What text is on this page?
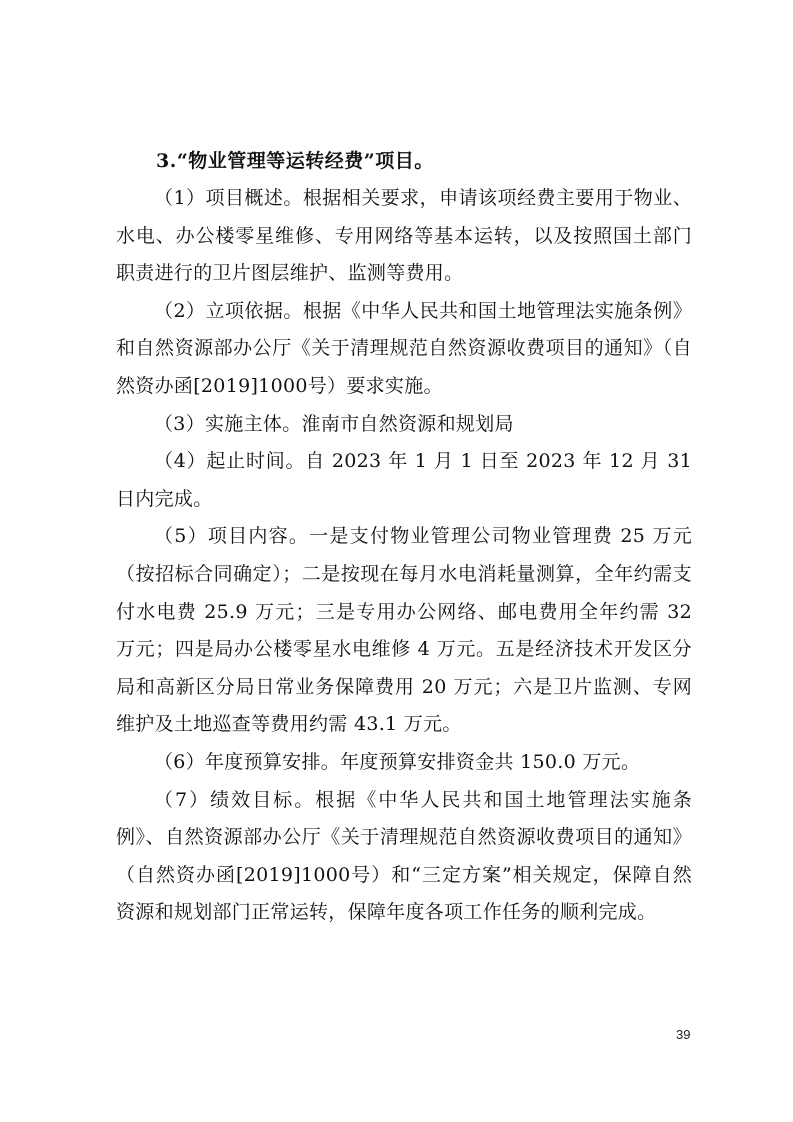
3.“物业管理等运转经费”项目。

（1）项目概述。根据相关要求，申请该项经费主要用于物业、水电、办公楼零星维修、专用网络等基本运转，以及按照国土部门职责进行的卫片图层维护、监测等费用。

（2）立项依据。根据《中华人民共和国土地管理法实施条例》和自然资源部办公厅《关于清理规范自然资源收费项目的通知》（自然资办函[2019]1000号）要求实施。

（3）实施主体。淮南市自然资源和规划局

（4）起止时间。自 2023 年 1 月 1 日至 2023 年 12 月 31 日内完成。

（5）项目内容。一是支付物业管理公司物业管理费 25 万元（按招标合同确定）；二是按现在每月水电消耗量测算，全年约需支付水电费 25.9 万元；三是专用办公网络、邮电费用全年约需 32 万元；四是局办公楼零星水电维修 4 万元。五是经济技术开发区分局和高新区分局日常业务保障费用 20 万元；六是卫片监测、专网维护及土地巡查等费用约需 43.1 万元。

（6）年度预算安排。年度预算安排资金共 150.0 万元。

（7）绩效目标。根据《中华人民共和国土地管理法实施条例》、自然资源部办公厅《关于清理规范自然资源收费项目的通知》（自然资办函[2019]1000号）和“三定方案”相关规定，保障自然资源和规划部门正常运转，保障年度各项工作任务的顺利完成。

39
